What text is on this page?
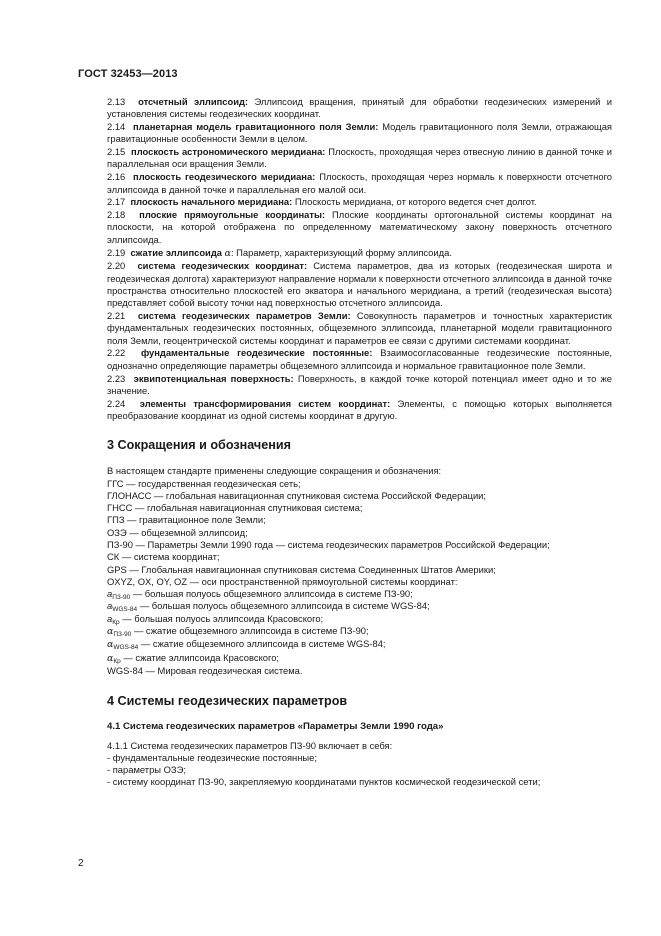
ГОСТ 32453—2013
2.13 отсчетный эллипсоид: Эллипсоид вращения, принятый для обработки геодезических измерений и установления системы геодезических координат.
2.14 планетарная модель гравитационного поля Земли: Модель гравитационного поля Земли, отражающая гравитационные особенности Земли в целом.
2.15 плоскость астрономического меридиана: Плоскость, проходящая через отвесную линию в данной точке и параллельная оси вращения Земли.
2.16 плоскость геодезического меридиана: Плоскость, проходящая через нормаль к поверхности отсчетного эллипсоида в данной точке и параллельная его малой оси.
2.17 плоскость начального меридиана: Плоскость меридиана, от которого ведется счет долгот.
2.18 плоские прямоугольные координаты: Плоские координаты ортогональной системы координат на плоскости, на которой отображена по определенному математическому закону поверхность отсчетного эллипсоида.
2.19 сжатие эллипсоида α: Параметр, характеризующий форму эллипсоида.
2.20 система геодезических координат: Система параметров, два из которых (геодезическая широта и геодезическая долгота) характеризуют направление нормали к поверхности отсчетного эллипсоида в данной точке пространства относительно плоскостей его экватора и начального меридиана, а третий (геодезическая высота) представляет собой высоту точки над поверхностью отсчетного эллипсоида.
2.21 система геодезических параметров Земли: Совокупность параметров и точностных характеристик фундаментальных геодезических постоянных, общеземного эллипсоида, планетарной модели гравитационного поля Земли, геоцентрической системы координат и параметров ее связи с другими системами координат.
2.22 фундаментальные геодезические постоянные: Взаимосогласованные геодезические постоянные, однозначно определяющие параметры общеземного эллипсоида и нормальное гравитационное поле Земли.
2.23 эквипотенциальная поверхность: Поверхность, в каждой точке которой потенциал имеет одно и то же значение.
2.24 элементы трансформирования систем координат: Элементы, с помощью которых выполняется преобразование координат из одной системы координат в другую.
3 Сокращения и обозначения
В настоящем стандарте применены следующие сокращения и обозначения:
ГГС — государственная геодезическая сеть;
ГЛОНАСС — глобальная навигационная спутниковая система Российской Федерации;
ГНСС — глобальная навигационная спутниковая система;
ГПЗ — гравитационное поле Земли;
ОЗЭ — общеземной эллипсоид;
ПЗ-90 — Параметры Земли 1990 года — система геодезических параметров Российской Федерации;
СК — система координат;
GPS — Глобальная навигационная спутниковая система Соединенных Штатов Америки;
OXYZ, OX, OY, OZ — оси пространственной прямоугольной системы координат:
$a_{ПЗ-90}$ — большая полуось общеземного эллипсоида в системе ПЗ-90;
$a_{WGS-84}$ — большая полуось общеземного эллипсоида в системе WGS-84;
$a_{Кр}$ — большая полуось эллипсоида Красовского;
$\alpha_{ПЗ-90}$ — сжатие общеземного эллипсоида в системе ПЗ-90;
$\alpha_{WGS-84}$ — сжатие общеземного эллипсоида в системе WGS-84;
$\alpha_{Кр}$ — сжатие эллипсоида Красовского;
WGS-84 — Мировая геодезическая система.
4 Системы геодезических параметров
4.1 Система геодезических параметров «Параметры Земли 1990 года»
4.1.1 Система геодезических параметров ПЗ-90 включает в себя:
- фундаментальные геодезические постоянные;
- параметры ОЗЭ;
- систему координат ПЗ-90, закрепляемую координатами пунктов космической геодезической сети;
2
